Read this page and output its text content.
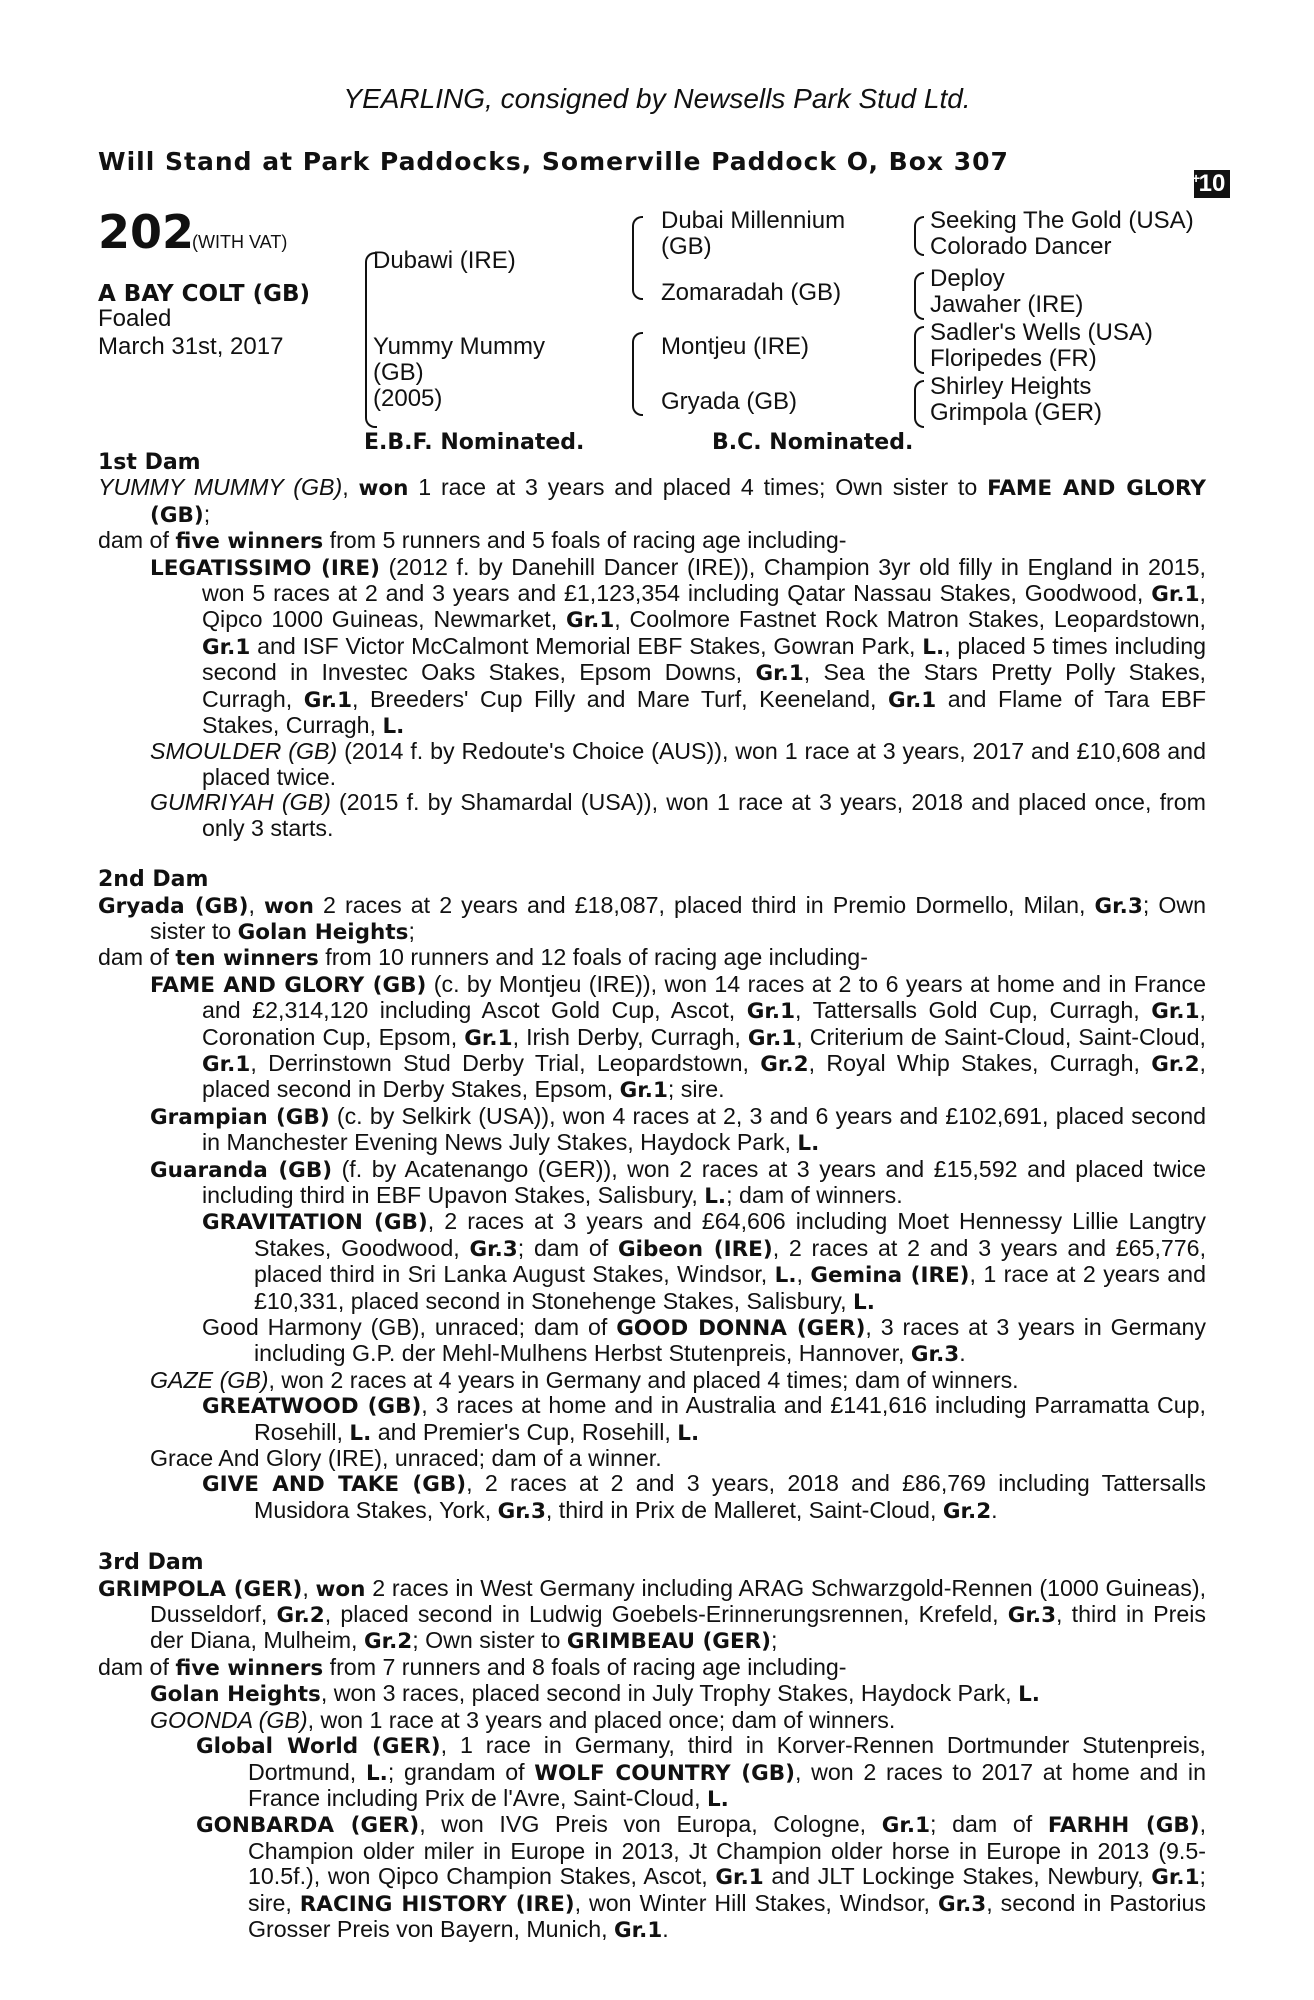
YEARLING, consigned by Newsells Park Stud Ltd.
Will Stand at Park Paddocks, Somerville Paddock O, Box 307
+
10
202
(WITH VAT)
A BAY COLT (GB)
Foaled
March 31st, 2017
Dubawi (IRE)
Yummy Mummy
(GB)
(2005)
Dubai Millennium
(GB)
Zomaradah (GB)
Montjeu (IRE)
Gryada (GB)
Seeking The Gold (USA)
Colorado Dancer
Deploy
Jawaher (IRE)
Sadler's Wells (USA)
Floripedes (FR)
Shirley Heights
Grimpola (GER)
E.B.F. Nominated.	B.C. Nominated.
1st Dam

YUMMY MUMMY (GB), won 1 race at 3 years and placed 4 times; Own sister to FAME AND GLORY (GB);

dam of five winners from 5 runners and 5 foals of racing age including-

LEGATISSIMO (IRE) (2012 f. by Danehill Dancer (IRE)), Champion 3yr old filly in England in 2015, won 5 races at 2 and 3 years and £1,123,354 including Qatar Nassau Stakes, Goodwood, Gr.1, Qipco 1000 Guineas, Newmarket, Gr.1, Coolmore Fastnet Rock Matron Stakes, Leopardstown, Gr.1 and ISF Victor McCalmont Memorial EBF Stakes, Gowran Park, L., placed 5 times including second in Investec Oaks Stakes, Epsom Downs, Gr.1, Sea the Stars Pretty Polly Stakes, Curragh, Gr.1, Breeders' Cup Filly and Mare Turf, Keeneland, Gr.1 and Flame of Tara EBF Stakes, Curragh, L.

SMOULDER (GB) (2014 f. by Redoute's Choice (AUS)), won 1 race at 3 years, 2017 and £10,608 and placed twice.

GUMRIYAH (GB) (2015 f. by Shamardal (USA)), won 1 race at 3 years, 2018 and placed once, from only 3 starts.

2nd Dam

Gryada (GB), won 2 races at 2 years and £18,087, placed third in Premio Dormello, Milan, Gr.3; Own sister to Golan Heights;

dam of ten winners from 10 runners and 12 foals of racing age including-

FAME AND GLORY (GB) (c. by Montjeu (IRE)), won 14 races at 2 to 6 years at home and in France and £2,314,120 including Ascot Gold Cup, Ascot, Gr.1, Tattersalls Gold Cup, Curragh, Gr.1, Coronation Cup, Epsom, Gr.1, Irish Derby, Curragh, Gr.1, Criterium de Saint-Cloud, Saint-Cloud, Gr.1, Derrinstown Stud Derby Trial, Leopardstown, Gr.2, Royal Whip Stakes, Curragh, Gr.2, placed second in Derby Stakes, Epsom, Gr.1; sire.

Grampian (GB) (c. by Selkirk (USA)), won 4 races at 2, 3 and 6 years and £102,691, placed second in Manchester Evening News July Stakes, Haydock Park, L.

Guaranda (GB) (f. by Acatenango (GER)), won 2 races at 3 years and £15,592 and placed twice including third in EBF Upavon Stakes, Salisbury, L.; dam of winners.

GRAVITATION (GB), 2 races at 3 years and £64,606 including Moet Hennessy Lillie Langtry Stakes, Goodwood, Gr.3; dam of Gibeon (IRE), 2 races at 2 and 3 years and £65,776, placed third in Sri Lanka August Stakes, Windsor, L., Gemina (IRE), 1 race at 2 years and £10,331, placed second in Stonehenge Stakes, Salisbury, L.

Good Harmony (GB), unraced; dam of GOOD DONNA (GER), 3 races at 3 years in Germany including G.P. der Mehl-Mulhens Herbst Stutenpreis, Hannover, Gr.3.

GAZE (GB), won 2 races at 4 years in Germany and placed 4 times; dam of winners.

GREATWOOD (GB), 3 races at home and in Australia and £141,616 including Parramatta Cup, Rosehill, L. and Premier's Cup, Rosehill, L.

Grace And Glory (IRE), unraced; dam of a winner.

GIVE AND TAKE (GB), 2 races at 2 and 3 years, 2018 and £86,769 including Tattersalls Musidora Stakes, York, Gr.3, third in Prix de Malleret, Saint-Cloud, Gr.2.

3rd Dam

GRIMPOLA (GER), won 2 races in West Germany including ARAG Schwarzgold-Rennen (1000 Guineas), Dusseldorf, Gr.2, placed second in Ludwig Goebels-Erinnerungsrennen, Krefeld, Gr.3, third in Preis der Diana, Mulheim, Gr.2; Own sister to GRIMBEAU (GER);

dam of five winners from 7 runners and 8 foals of racing age including-

Golan Heights, won 3 races, placed second in July Trophy Stakes, Haydock Park, L.

GOONDA (GB), won 1 race at 3 years and placed once; dam of winners.

Global World (GER), 1 race in Germany, third in Korver-Rennen Dortmunder Stutenpreis, Dortmund, L.; grandam of WOLF COUNTRY (GB), won 2 races to 2017 at home and in France including Prix de l'Avre, Saint-Cloud, L.

GONBARDA (GER), won IVG Preis von Europa, Cologne, Gr.1; dam of FARHH (GB), Champion older miler in Europe in 2013, Jt Champion older horse in Europe in 2013 (9.5-10.5f.), won Qipco Champion Stakes, Ascot, Gr.1 and JLT Lockinge Stakes, Newbury, Gr.1; sire, RACING HISTORY (IRE), won Winter Hill Stakes, Windsor, Gr.3, second in Pastorius Grosser Preis von Bayern, Munich, Gr.1.
